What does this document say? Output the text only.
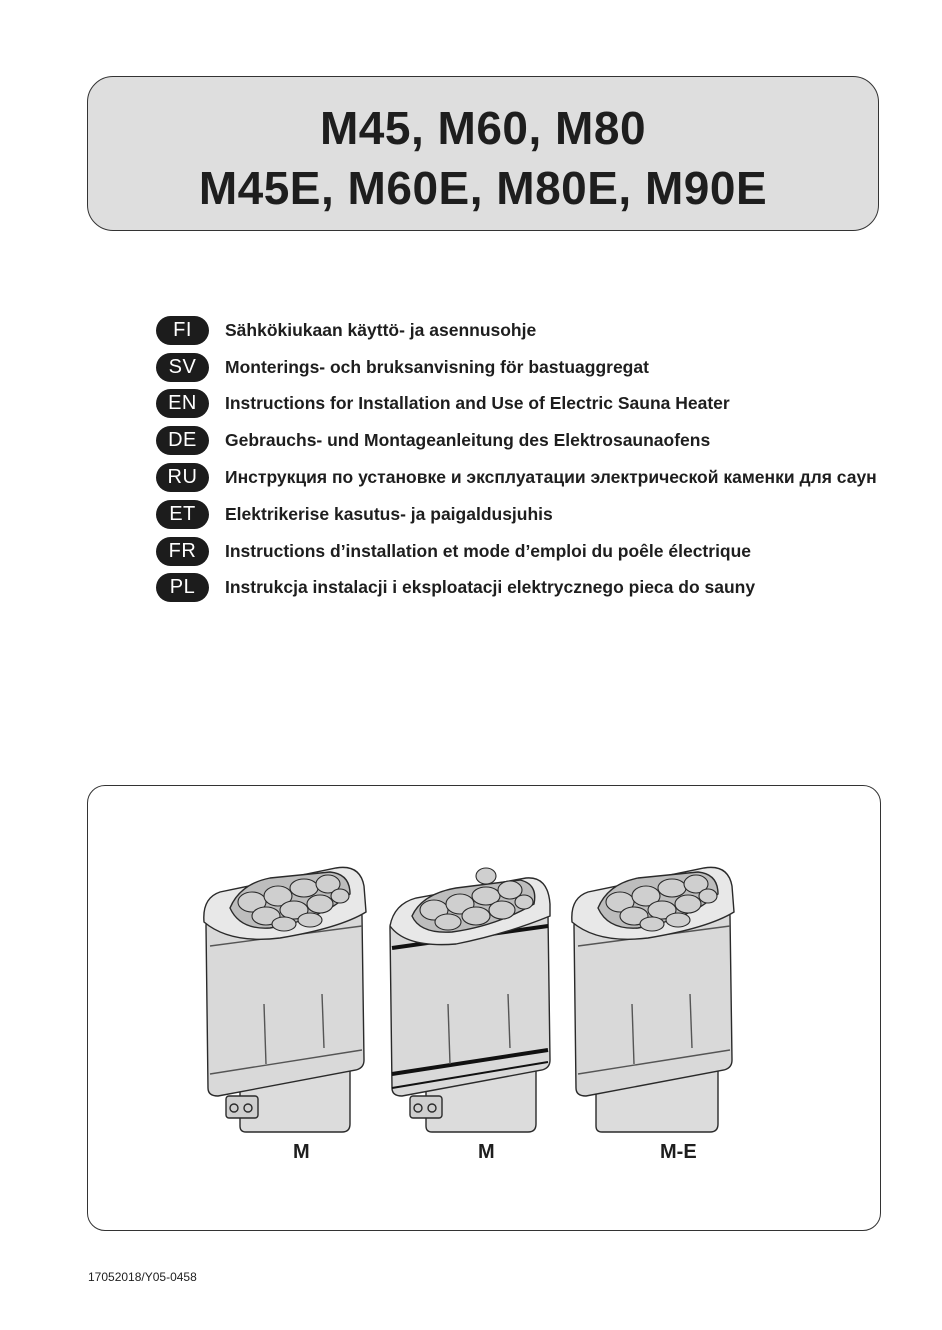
M45, M60, M80
M45E, M60E, M80E, M90E
FI	Sähkökiukaan käyttö- ja asennusohje
SV	Monterings- och bruksanvisning för bastuaggregat
EN	Instructions for Installation and Use of Electric Sauna Heater
DE	Gebrauchs- und Montageanleitung des Elektrosaunaofens
RU	Инструкция по установке и эксплуатации электрической каменки для саун
ET	Elektrikerise kasutus- ja paigaldusjuhis
FR	Instructions d’installation et mode d’emploi du poêle électrique
PL	Instrukcja instalacji i eksploatacji elektrycznego pieca do sauny
M	M	M-E
17052018/Y05-0458
